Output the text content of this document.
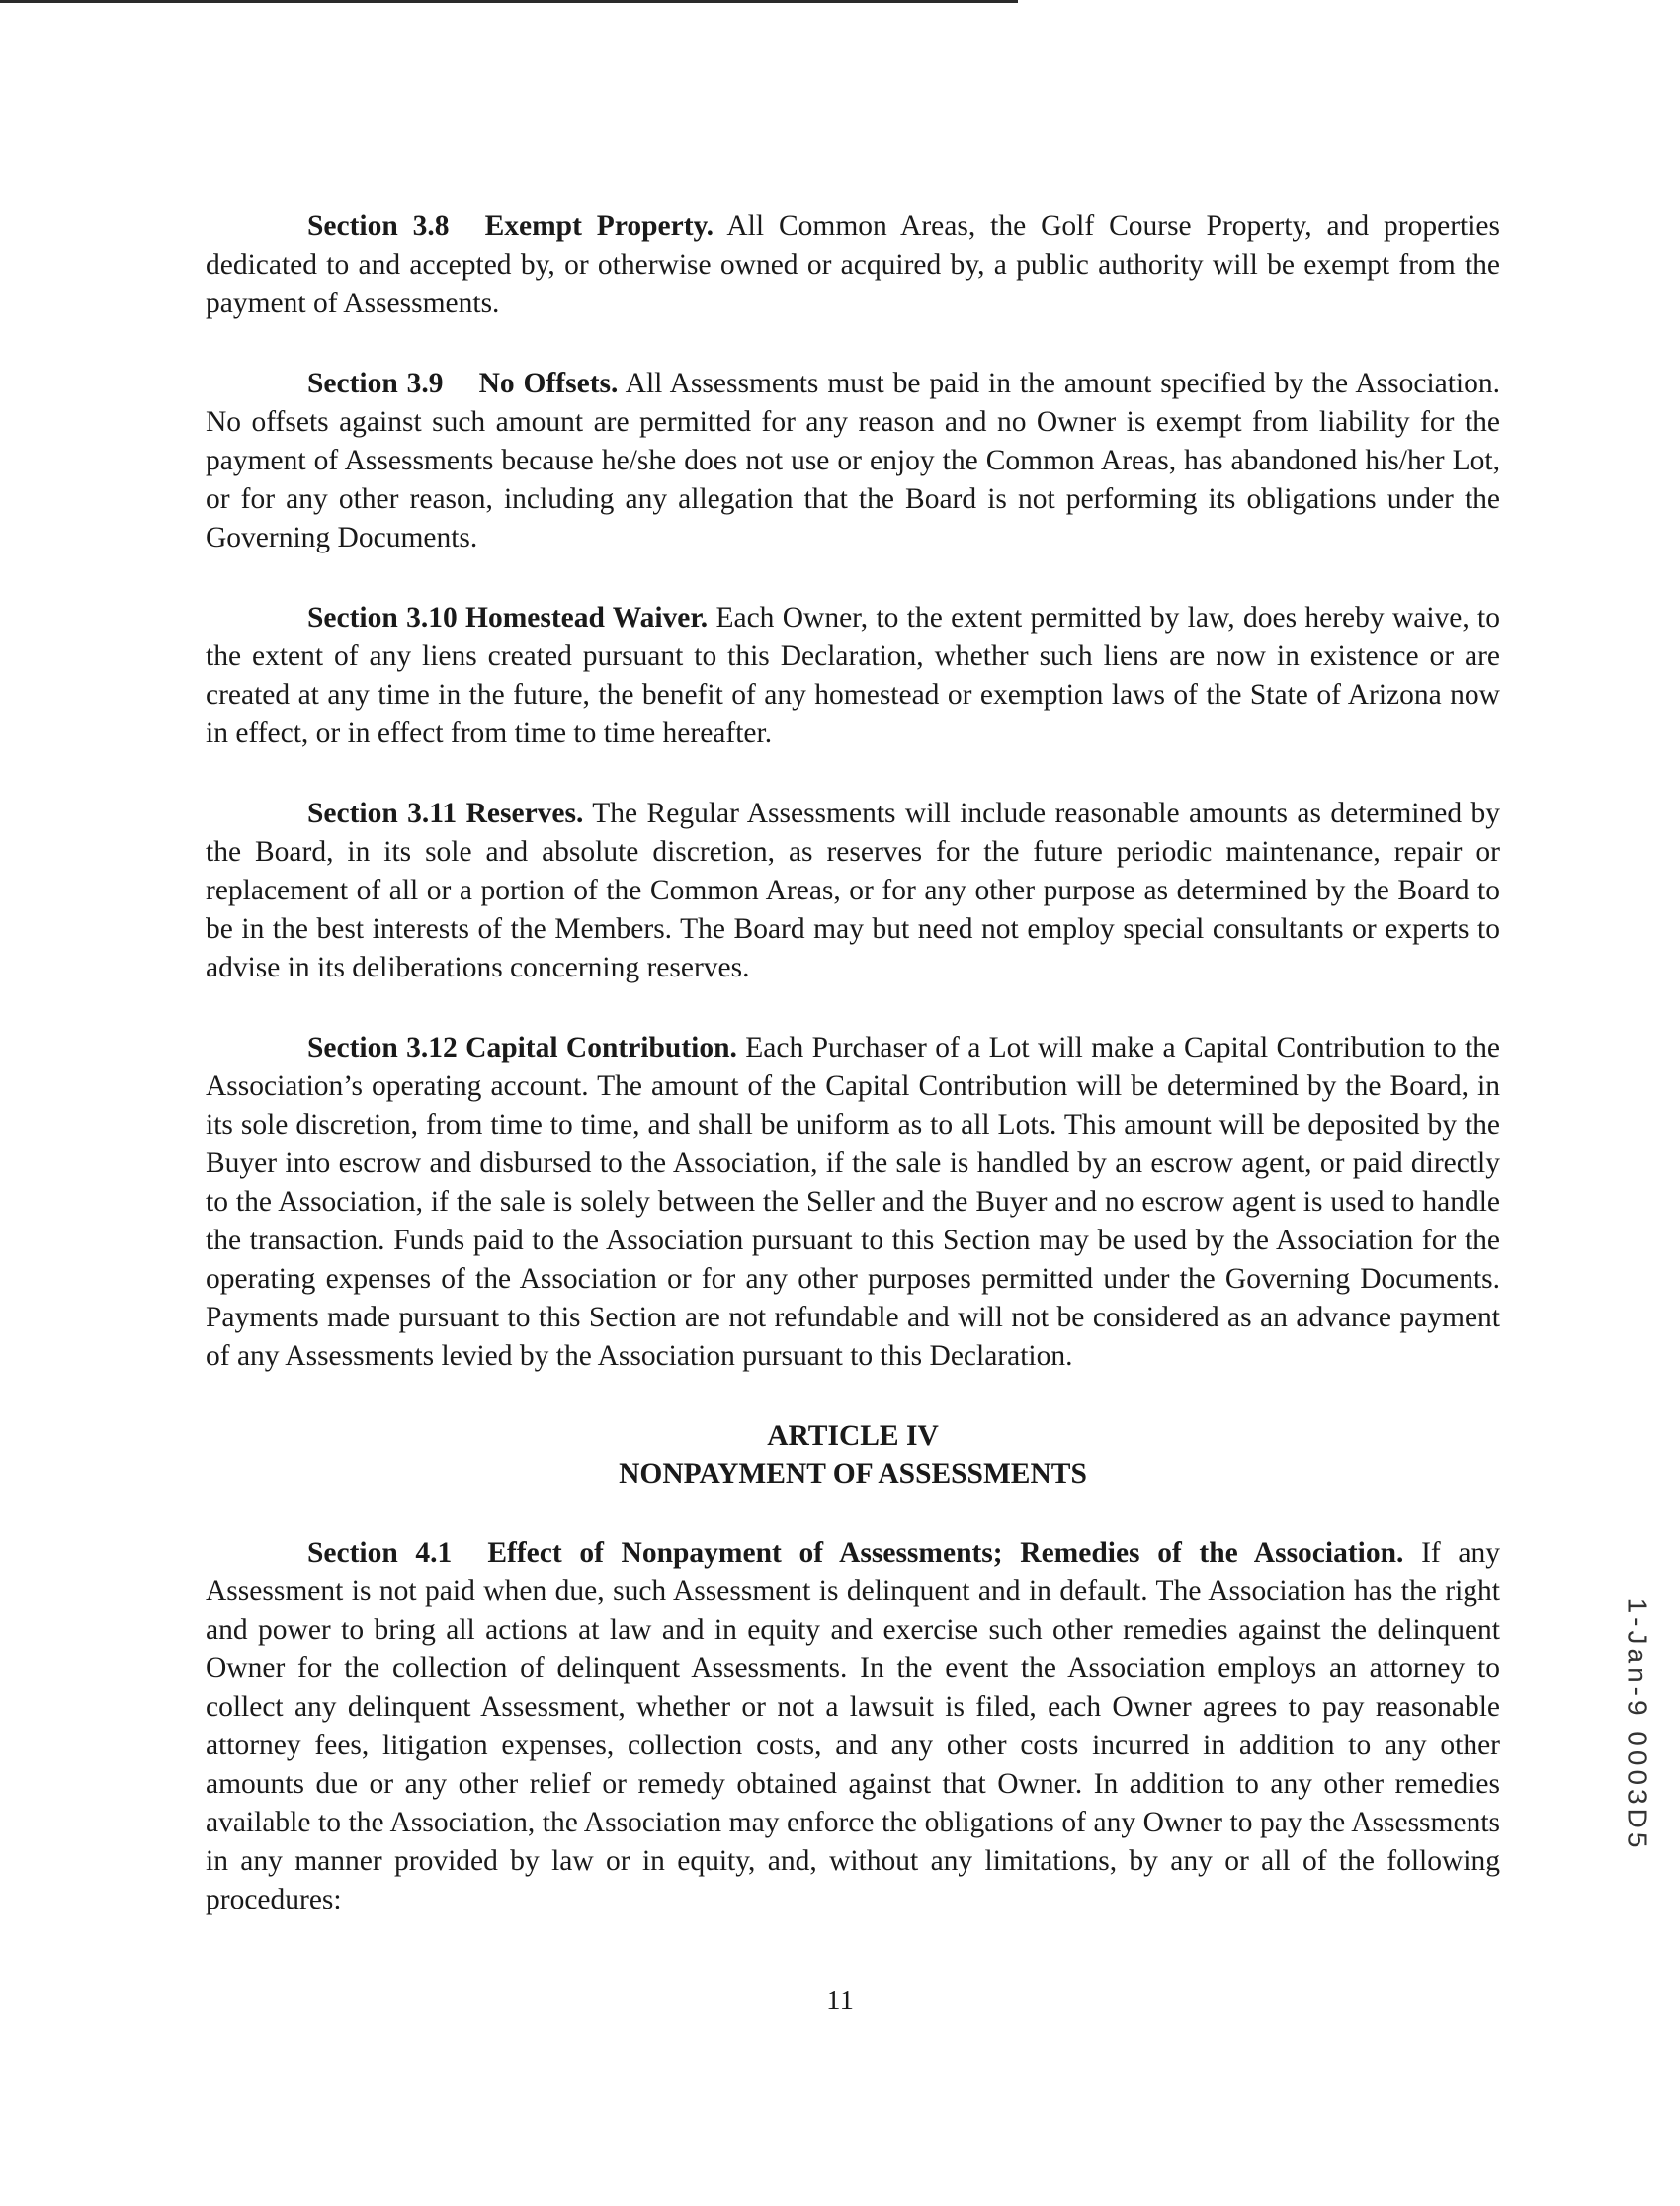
Section 3.8 Exempt Property. All Common Areas, the Golf Course Property, and properties dedicated to and accepted by, or otherwise owned or acquired by, a public authority will be exempt from the payment of Assessments.

Section 3.9 No Offsets. All Assessments must be paid in the amount specified by the Association. No offsets against such amount are permitted for any reason and no Owner is exempt from liability for the payment of Assessments because he/she does not use or enjoy the Common Areas, has abandoned his/her Lot, or for any other reason, including any allegation that the Board is not performing its obligations under the Governing Documents.

Section 3.10 Homestead Waiver. Each Owner, to the extent permitted by law, does hereby waive, to the extent of any liens created pursuant to this Declaration, whether such liens are now in existence or are created at any time in the future, the benefit of any homestead or exemption laws of the State of Arizona now in effect, or in effect from time to time hereafter.

Section 3.11 Reserves. The Regular Assessments will include reasonable amounts as determined by the Board, in its sole and absolute discretion, as reserves for the future periodic maintenance, repair or replacement of all or a portion of the Common Areas, or for any other purpose as determined by the Board to be in the best interests of the Members. The Board may but need not employ special consultants or experts to advise in its deliberations concerning reserves.

Section 3.12 Capital Contribution. Each Purchaser of a Lot will make a Capital Contribution to the Association’s operating account. The amount of the Capital Contribution will be determined by the Board, in its sole discretion, from time to time, and shall be uniform as to all Lots. This amount will be deposited by the Buyer into escrow and disbursed to the Association, if the sale is handled by an escrow agent, or paid directly to the Association, if the sale is solely between the Seller and the Buyer and no escrow agent is used to handle the transaction. Funds paid to the Association pursuant to this Section may be used by the Association for the operating expenses of the Association or for any other purposes permitted under the Governing Documents. Payments made pursuant to this Section are not refundable and will not be considered as an advance payment of any Assessments levied by the Association pursuant to this Declaration.

ARTICLE IV
NONPAYMENT OF ASSESSMENTS

Section 4.1 Effect of Nonpayment of Assessments; Remedies of the Association. If any Assessment is not paid when due, such Assessment is delinquent and in default. The Association has the right and power to bring all actions at law and in equity and exercise such other remedies against the delinquent Owner for the collection of delinquent Assessments. In the event the Association employs an attorney to collect any delinquent Assessment, whether or not a lawsuit is filed, each Owner agrees to pay reasonable attorney fees, litigation expenses, collection costs, and any other costs incurred in addition to any other amounts due or any other relief or remedy obtained against that Owner. In addition to any other remedies available to the Association, the Association may enforce the obligations of any Owner to pay the Assessments in any manner provided by law or in equity, and, without any limitations, by any or all of the following procedures:

11
1-Jan-9 0003D5
